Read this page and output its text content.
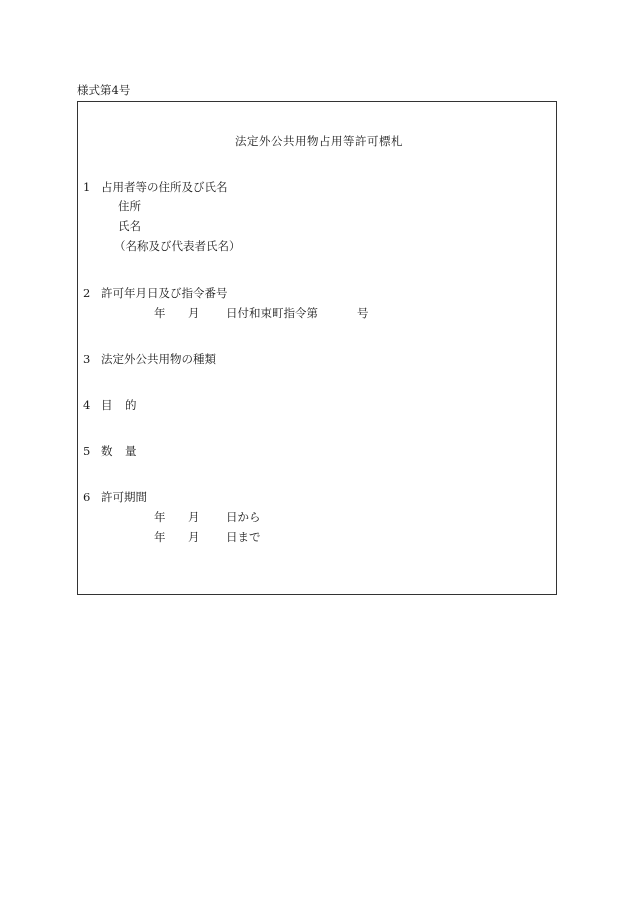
様式第4号
法定外公共用物占用等許可標札
1 占用者等の住所及び氏名
住所
氏名
（名称及び代表者氏名）
2 許可年月日及び指令番号
年 月 日付和束町指令第	号
3 法定外公共用物の種類
4 目 的
5 数 量
6 許可期間
年 月 日から
年 月 日まで
